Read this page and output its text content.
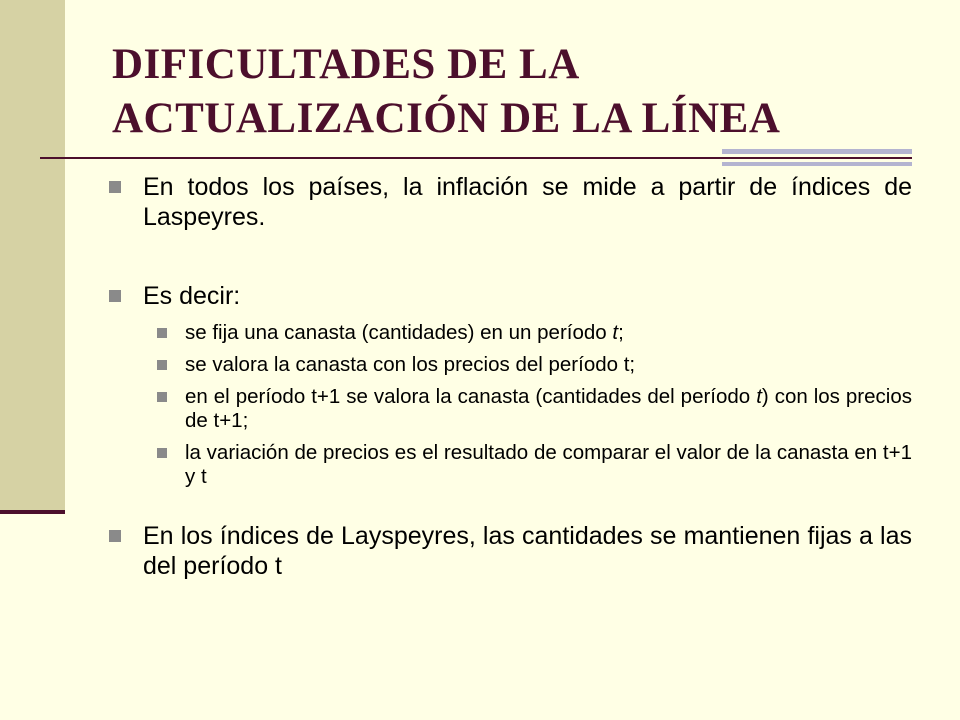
DIFICULTADES DE LA ACTUALIZACIÓN DE LA LÍNEA
En todos los países, la inflación se mide a partir de índices de Laspeyres.
Es decir:
se fija una canasta (cantidades) en un período t;
se valora la canasta con los precios del período t;
en el período t+1 se valora la canasta (cantidades del período t) con los precios de t+1;
la variación de precios es el resultado de comparar el valor de la canasta en t+1 y t
En los índices de Layspeyres, las cantidades se mantienen fijas a las del período t
